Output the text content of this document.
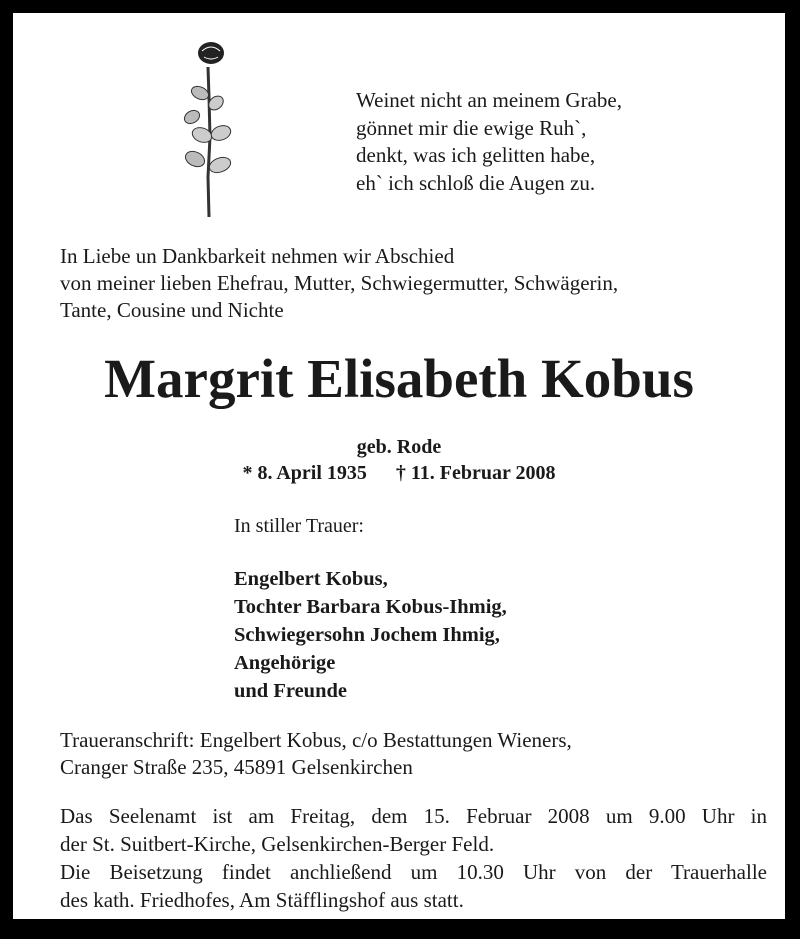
Weinet nicht an meinem Grabe,
gönnet mir die ewige Ruh`,
denkt, was ich gelitten habe,
eh` ich schloß die Augen zu.
In Liebe un Dankbarkeit nehmen wir Abschied
von meiner lieben Ehefrau, Mutter, Schwiegermutter, Schwägerin,
Tante, Cousine und Nichte
Margrit Elisabeth Kobus
geb. Rode
* 8. April 1935 † 11. Februar 2008
In stiller Trauer:
Engelbert Kobus,
Tochter Barbara Kobus-Ihmig,
Schwiegersohn Jochem Ihmig,
Angehörige
und Freunde
Traueranschrift: Engelbert Kobus, c/o Bestattungen Wieners,
Cranger Straße 235, 45891 Gelsenkirchen
Das Seelenamt ist am Freitag, dem 15. Februar 2008 um 9.00 Uhr in
der St. Suitbert-Kirche, Gelsenkirchen-Berger Feld.
Die Beisetzung findet anchließend um 10.30 Uhr von der Trauerhalle
des kath. Friedhofes, Am Stäfflingshof aus statt.
